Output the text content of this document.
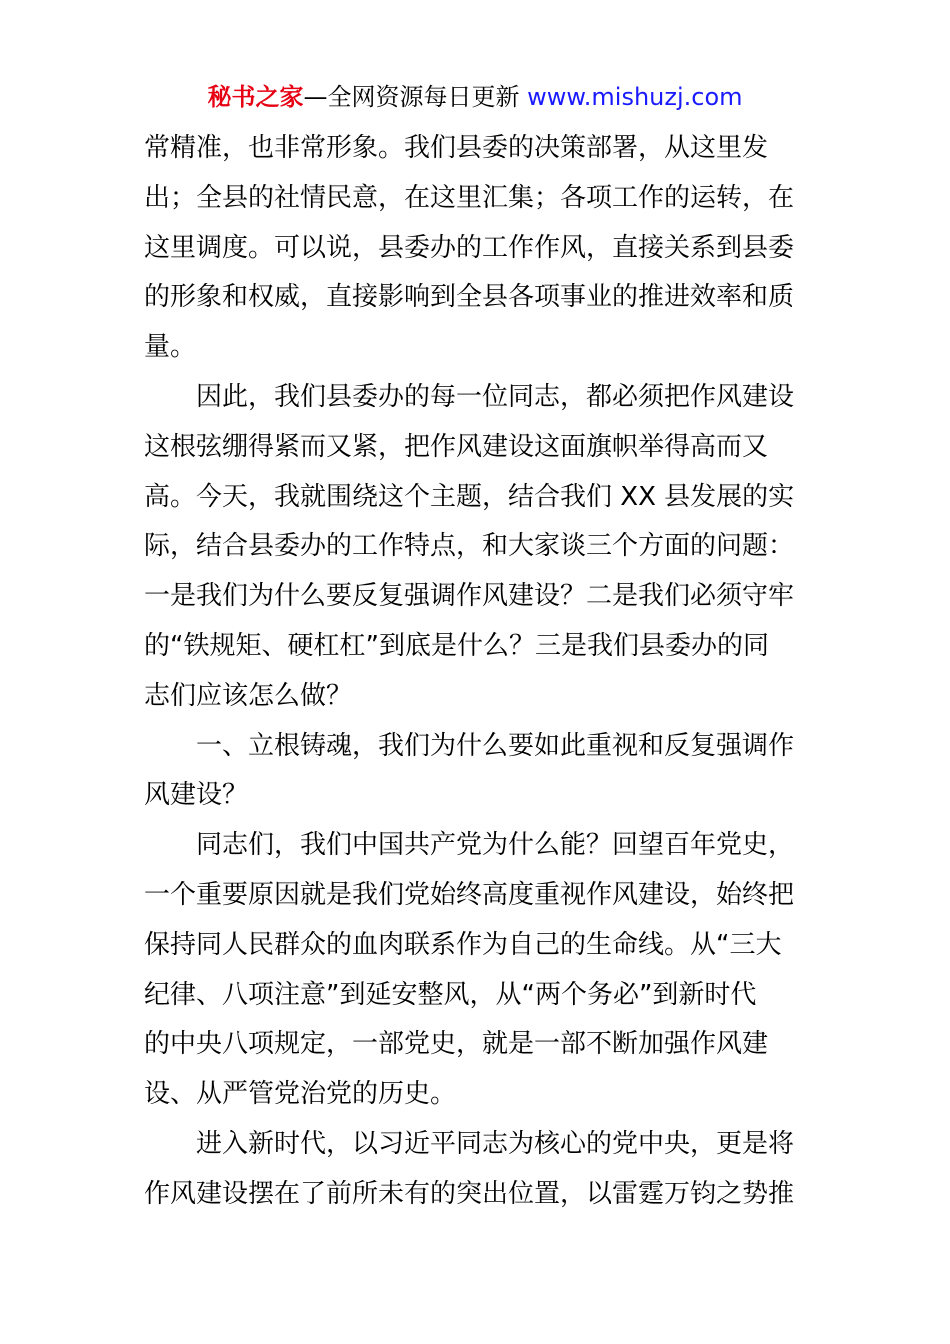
秘书之家—全网资源每日更新 www.mishuzj.com
常精准，也非常形象。我们县委的决策部署，从这里发
出；全县的社情民意，在这里汇集；各项工作的运转，在
这里调度。可以说，县委办的工作作风，直接关系到县委
的形象和权威，直接影响到全县各项事业的推进效率和质
量。
因此，我们县委办的每一位同志，都必须把作风建设
这根弦绷得紧而又紧，把作风建设这面旗帜举得高而又
高。今天，我就围绕这个主题，结合我们 XX 县发展的实
际，结合县委办的工作特点，和大家谈三个方面的问题：
一是我们为什么要反复强调作风建设？二是我们必须守牢
的“铁规矩、硬杠杠”到底是什么？三是我们县委办的同
志们应该怎么做？
一、立根铸魂，我们为什么要如此重视和反复强调作
风建设？
同志们，我们中国共产党为什么能？回望百年党史，
一个重要原因就是我们党始终高度重视作风建设，始终把
保持同人民群众的血肉联系作为自己的生命线。从“三大
纪律、八项注意”到延安整风，从“两个务必”到新时代
的中央八项规定，一部党史，就是一部不断加强作风建
设、从严管党治党的历史。
进入新时代，以习近平同志为核心的党中央，更是将
作风建设摆在了前所未有的突出位置，以雷霆万钧之势推
